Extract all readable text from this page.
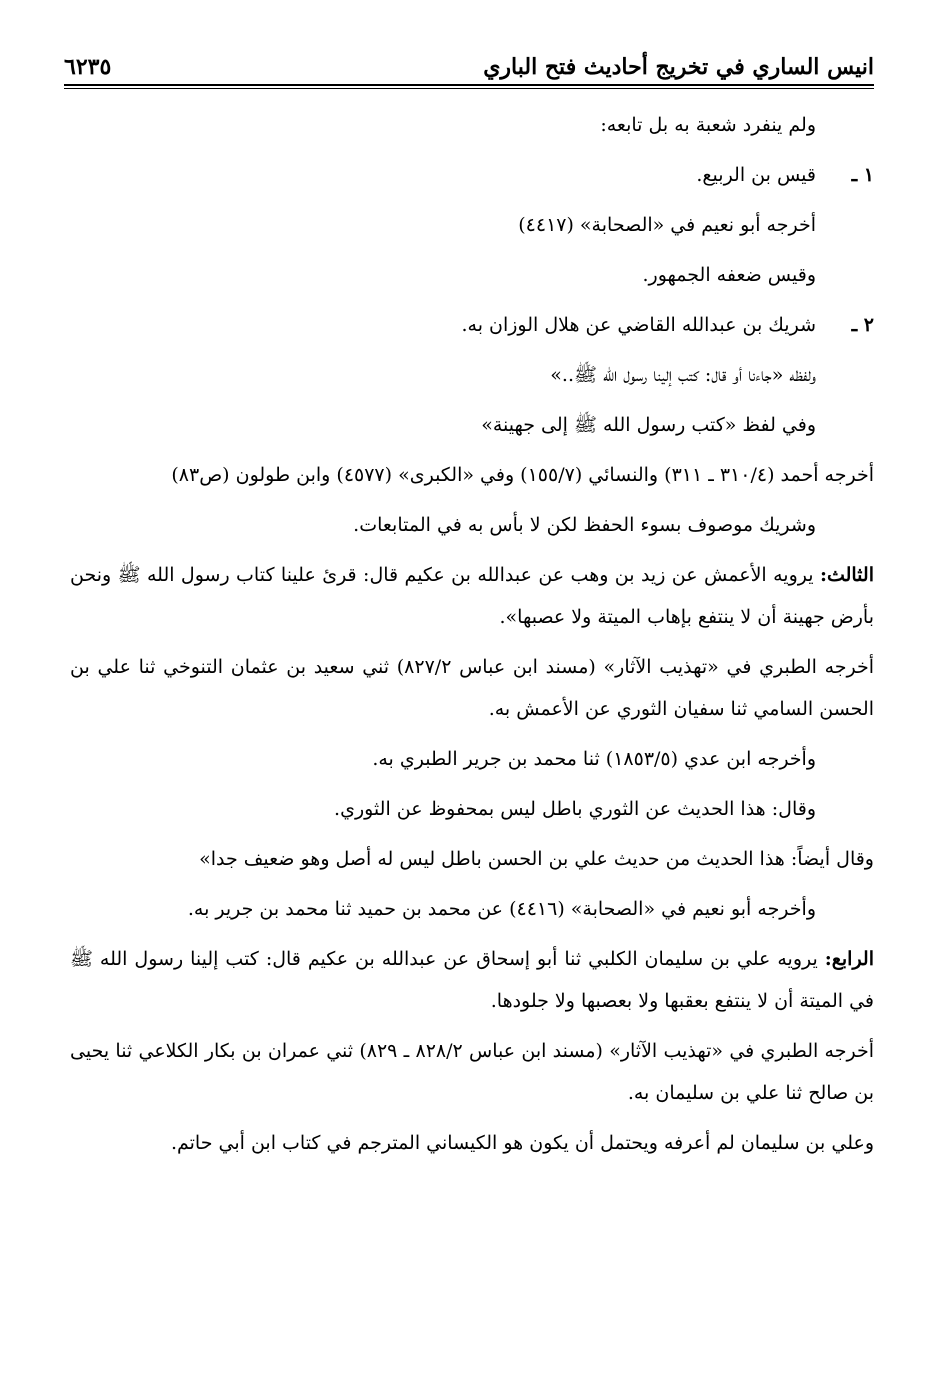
انيس الساري في تخريج أحاديث فتح الباري
٦٢٣٥

ولم ينفرد شعبة به بل تابعه:

١ ـ
قيس بن الربيع.

أخرجه أبو نعيم في «الصحابة» (٤٤١٧)

وقيس ضعفه الجمهور.

٢ ـ
شريك بن عبدالله القاضي عن هلال الوزان به.

ولفظه «جاءنا أو قال: كتب إلينا رسول الله ﷺ..»

وفي لفظ «كتب رسول الله ﷺ إلى جهينة»

أخرجه أحمد (٣١٠/٤ ـ ٣١١) والنسائي (١٥٥/٧) وفي «الكبرى» (٤٥٧٧) وابن طولون (ص٨٣)

وشريك موصوف بسوء الحفظ لكن لا بأس به في المتابعات.

الثالث: يرويه الأعمش عن زيد بن وهب عن عبدالله بن عكيم قال: قرئ علينا كتاب رسول الله ﷺ ونحن بأرض جهينة أن لا ينتفع بإهاب الميتة ولا عصبها».

أخرجه الطبري في «تهذيب الآثار» (مسند ابن عباس ٨٢٧/٢) ثني سعيد بن عثمان التنوخي ثنا علي بن الحسن السامي ثنا سفيان الثوري عن الأعمش به.

وأخرجه ابن عدي (١٨٥٣/٥) ثنا محمد بن جرير الطبري به.

وقال: هذا الحديث عن الثوري باطل ليس بمحفوظ عن الثوري.

وقال أيضاً: هذا الحديث من حديث علي بن الحسن باطل ليس له أصل وهو ضعيف جدا»

وأخرجه أبو نعيم في «الصحابة» (٤٤١٦) عن محمد بن حميد ثنا محمد بن جرير به.

الرابع: يرويه علي بن سليمان الكلبي ثنا أبو إسحاق عن عبدالله بن عكيم قال: كتب إلينا رسول الله ﷺ في الميتة أن لا ينتفع بعقبها ولا بعصبها ولا جلودها.

أخرجه الطبري في «تهذيب الآثار» (مسند ابن عباس ٨٢٨/٢ ـ ٨٢٩) ثني عمران بن بكار الكلاعي ثنا يحيى بن صالح ثنا علي بن سليمان به.

وعلي بن سليمان لم أعرفه ويحتمل أن يكون هو الكيساني المترجم في كتاب ابن أبي حاتم.
